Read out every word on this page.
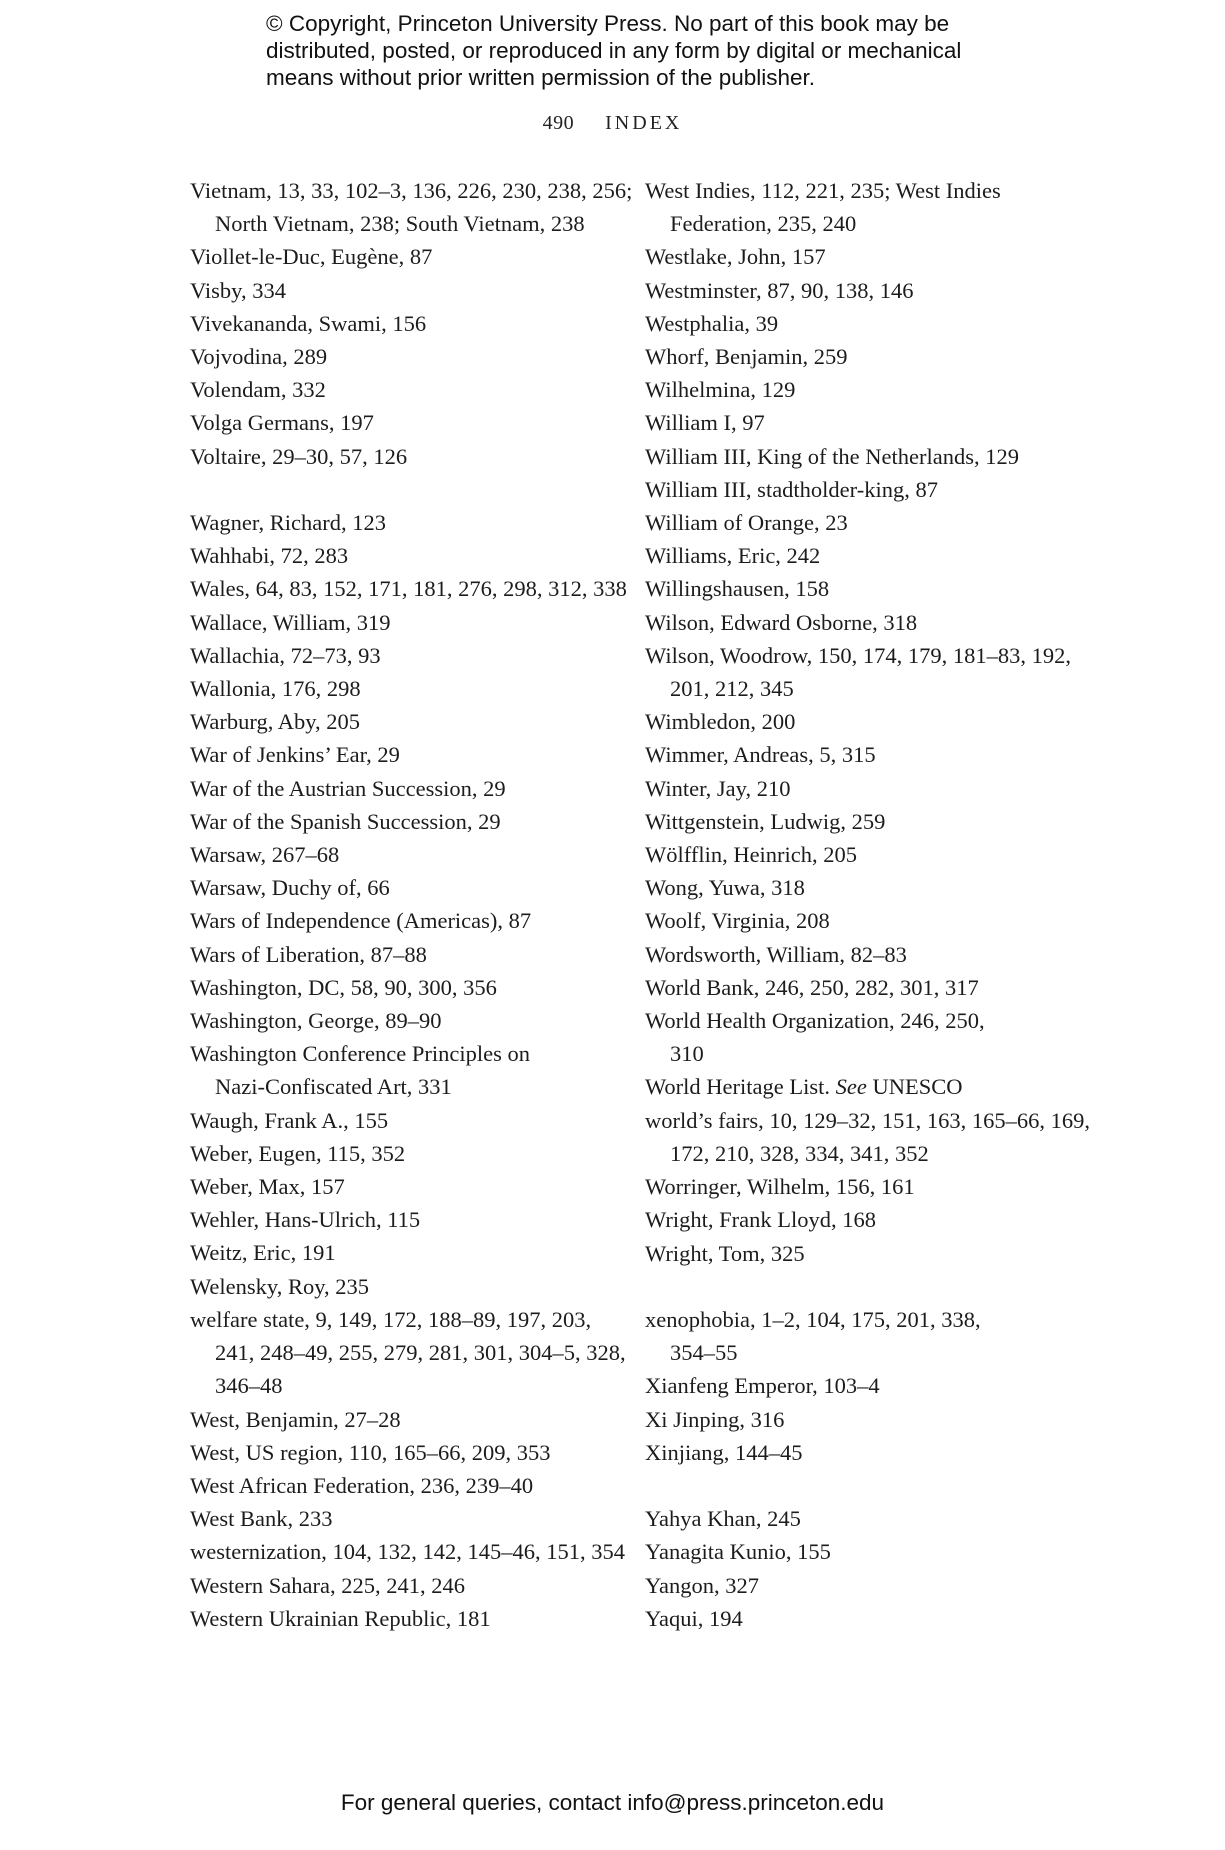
© Copyright, Princeton University Press. No part of this book may be
distributed, posted, or reproduced in any form by digital or mechanical
means without prior written permission of the publisher.
490 INDEX
Vietnam, 13, 33, 102–3, 136, 226, 230, 238, 256;
North Vietnam, 238; South Vietnam, 238
Viollet-le-Duc, Eugène, 87
Visby, 334
Vivekananda, Swami, 156
Vojvodina, 289
Volendam, 332
Volga Germans, 197
Voltaire, 29–30, 57, 126
Wagner, Richard, 123
Wahhabi, 72, 283
Wales, 64, 83, 152, 171, 181, 276, 298, 312, 338
Wallace, William, 319
Wallachia, 72–73, 93
Wallonia, 176, 298
Warburg, Aby, 205
War of Jenkins’ Ear, 29
War of the Austrian Succession, 29
War of the Spanish Succession, 29
Warsaw, 267–68
Warsaw, Duchy of, 66
Wars of Independence (Americas), 87
Wars of Liberation, 87–88
Washington, DC, 58, 90, 300, 356
Washington, George, 89–90
Washington Conference Principles on
Nazi-Confiscated Art, 331
Waugh, Frank A., 155
Weber, Eugen, 115, 352
Weber, Max, 157
Wehler, Hans-Ulrich, 115
Weitz, Eric, 191
Welensky, Roy, 235
welfare state, 9, 149, 172, 188–89, 197, 203,
241, 248–49, 255, 279, 281, 301, 304–5, 328,
346–48
West, Benjamin, 27–28
West, US region, 110, 165–66, 209, 353
West African Federation, 236, 239–40
West Bank, 233
westernization, 104, 132, 142, 145–46, 151, 354
Western Sahara, 225, 241, 246
Western Ukrainian Republic, 181
West Indies, 112, 221, 235; West Indies
Federation, 235, 240
Westlake, John, 157
Westminster, 87, 90, 138, 146
Westphalia, 39
Whorf, Benjamin, 259
Wilhelmina, 129
William I, 97
William III, King of the Netherlands, 129
William III, stadtholder-king, 87
William of Orange, 23
Williams, Eric, 242
Willingshausen, 158
Wilson, Edward Osborne, 318
Wilson, Woodrow, 150, 174, 179, 181–83, 192,
201, 212, 345
Wimbledon, 200
Wimmer, Andreas, 5, 315
Winter, Jay, 210
Wittgenstein, Ludwig, 259
Wölfflin, Heinrich, 205
Wong, Yuwa, 318
Woolf, Virginia, 208
Wordsworth, William, 82–83
World Bank, 246, 250, 282, 301, 317
World Health Organization, 246, 250,
310
World Heritage List. See UNESCO
world’s fairs, 10, 129–32, 151, 163, 165–66, 169,
172, 210, 328, 334, 341, 352
Worringer, Wilhelm, 156, 161
Wright, Frank Lloyd, 168
Wright, Tom, 325
xenophobia, 1–2, 104, 175, 201, 338,
354–55
Xianfeng Emperor, 103–4
Xi Jinping, 316
Xinjiang, 144–45
Yahya Khan, 245
Yanagita Kunio, 155
Yangon, 327
Yaqui, 194
For general queries, contact info@press.princeton.edu
